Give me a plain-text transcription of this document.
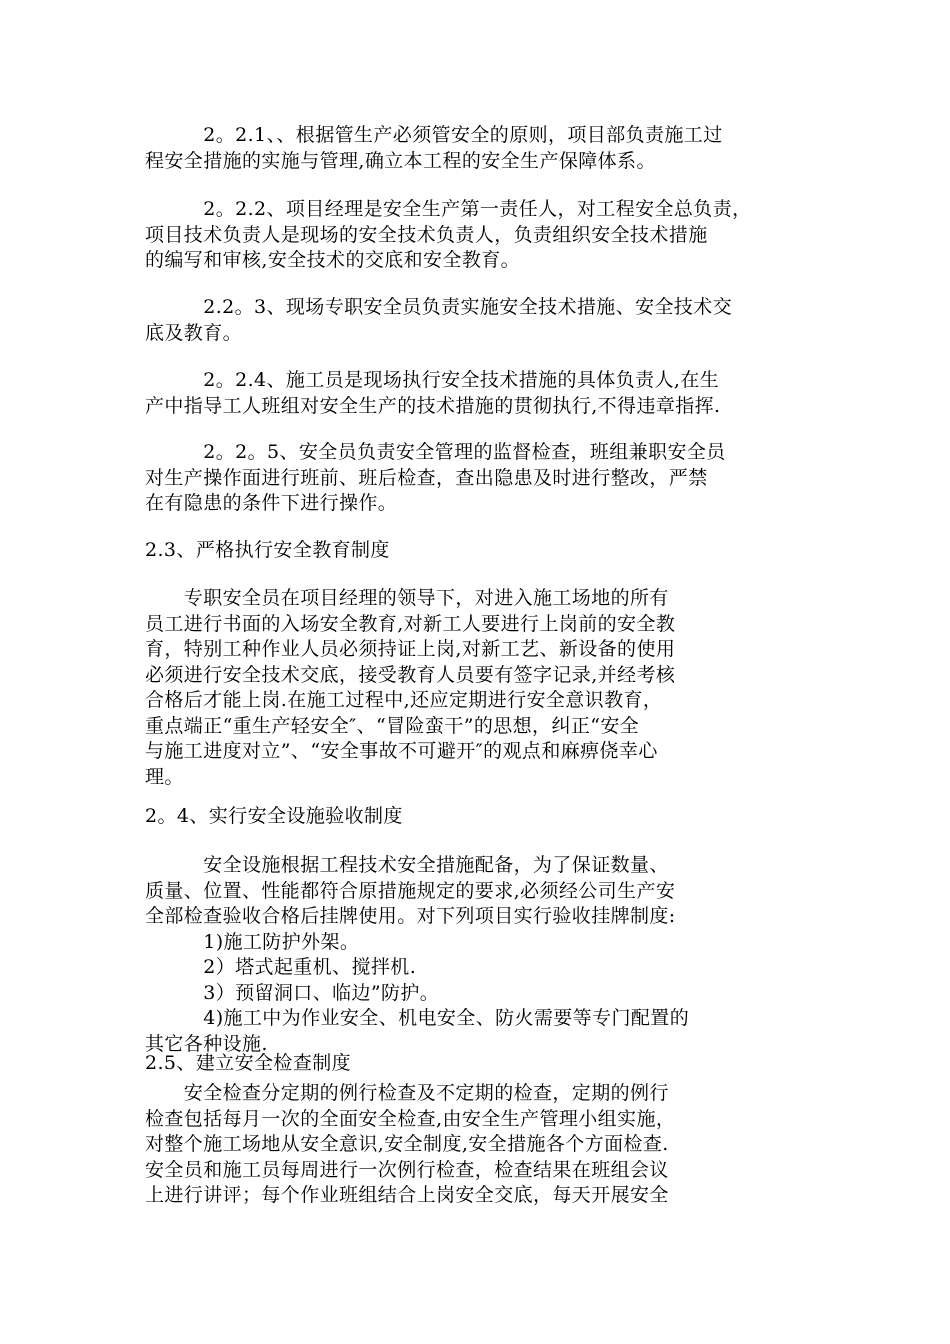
　　　2。2.1、、根据管生产必须管安全的原则，项目部负责施工过
程安全措施的实施与管理,确立本工程的安全生产保障体系。
　　　2。2.2、项目经理是安全生产第一责任人，对工程安全总负责，
项目技术负责人是现场的安全技术负责人，负责组织安全技术措施
的编写和审核,安全技术的交底和安全教育。
　　　2.2。3、现场专职安全员负责实施安全技术措施、安全技术交
底及教育。
　　　2。2.4、施工员是现场执行安全技术措施的具体负责人,在生
产中指导工人班组对安全生产的技术措施的贯彻执行,不得违章指挥.
　　　2。2。5、安全员负责安全管理的监督检查，班组兼职安全员
对生产操作面进行班前、班后检查，查出隐患及时进行整改，严禁
在有隐患的条件下进行操作。
2.3、严格执行安全教育制度
　　专职安全员在项目经理的领导下，对进入施工场地的所有
员工进行书面的入场安全教育,对新工人要进行上岗前的安全教
育，特别工种作业人员必须持证上岗,对新工艺、新设备的使用
必须进行安全技术交底，接受教育人员要有签字记录,并经考核
合格后才能上岗.在施工过程中,还应定期进行安全意识教育，
重点端正“重生产轻安全″、“冒险蛮干”的思想，纠正“安全
与施工进度对立”、“安全事故不可避开″的观点和麻痹侥幸心
理。
2。4、实行安全设施验收制度
　　　安全设施根据工程技术安全措施配备，为了保证数量、
质量、位置、性能都符合原措施规定的要求,必须经公司生产安
全部检查验收合格后挂牌使用。对下列项目实行验收挂牌制度:
　　　1)施工防护外架。
　　　2）塔式起重机、搅拌机.
　　　3）预留洞口、临边”防护。
　　　4)施工中为作业安全、机电安全、防火需要等专门配置的
其它各种设施.
2.5、建立安全检查制度
　　安全检查分定期的例行检查及不定期的检查，定期的例行
检查包括每月一次的全面安全检查,由安全生产管理小组实施，
对整个施工场地从安全意识,安全制度,安全措施各个方面检查.
安全员和施工员每周进行一次例行检查，检查结果在班组会议
上进行讲评；每个作业班组结合上岗安全交底，每天开展安全
